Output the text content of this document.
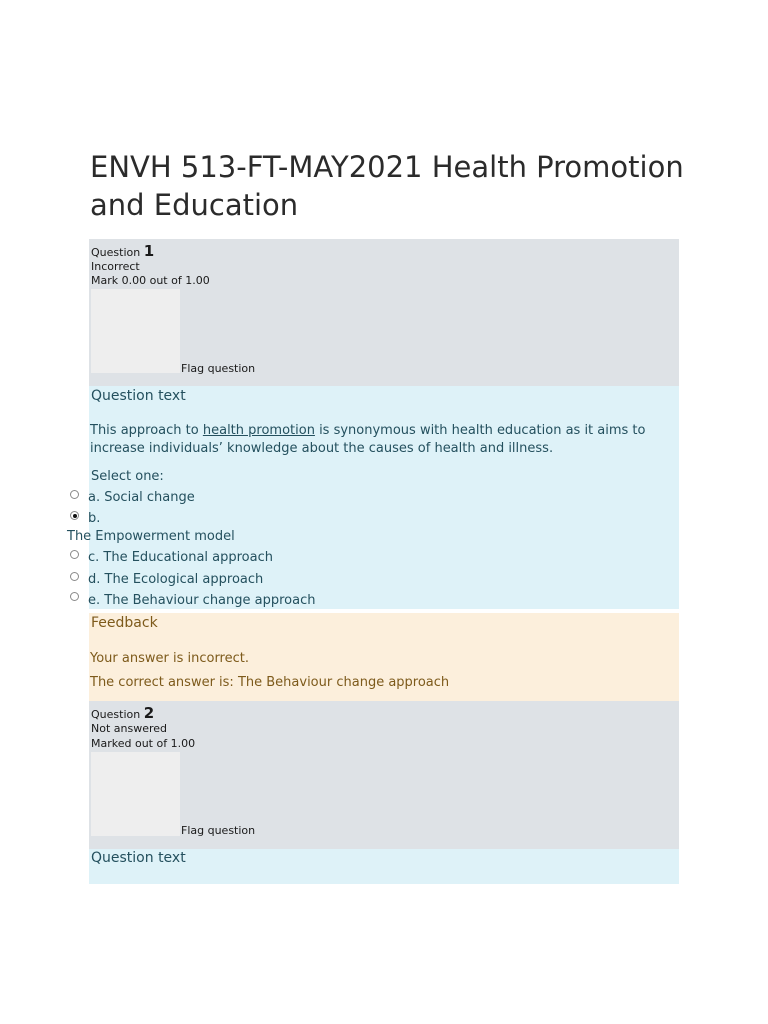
ENVH 513-FT-MAY2021 Health Promotion and Education
Question 1
Incorrect
Mark 0.00 out of 1.00
Flag question
Question text
This approach to health promotion is synonymous with health education as it aims to increase individuals’ knowledge about the causes of health and illness.
Select one:
a. Social change
b.
The Empowerment model
c. The Educational approach
d. The Ecological approach
e. The Behaviour change approach
Feedback
Your answer is incorrect.
The correct answer is: The Behaviour change approach
Question 2
Not answered
Marked out of 1.00
Flag question
Question text
